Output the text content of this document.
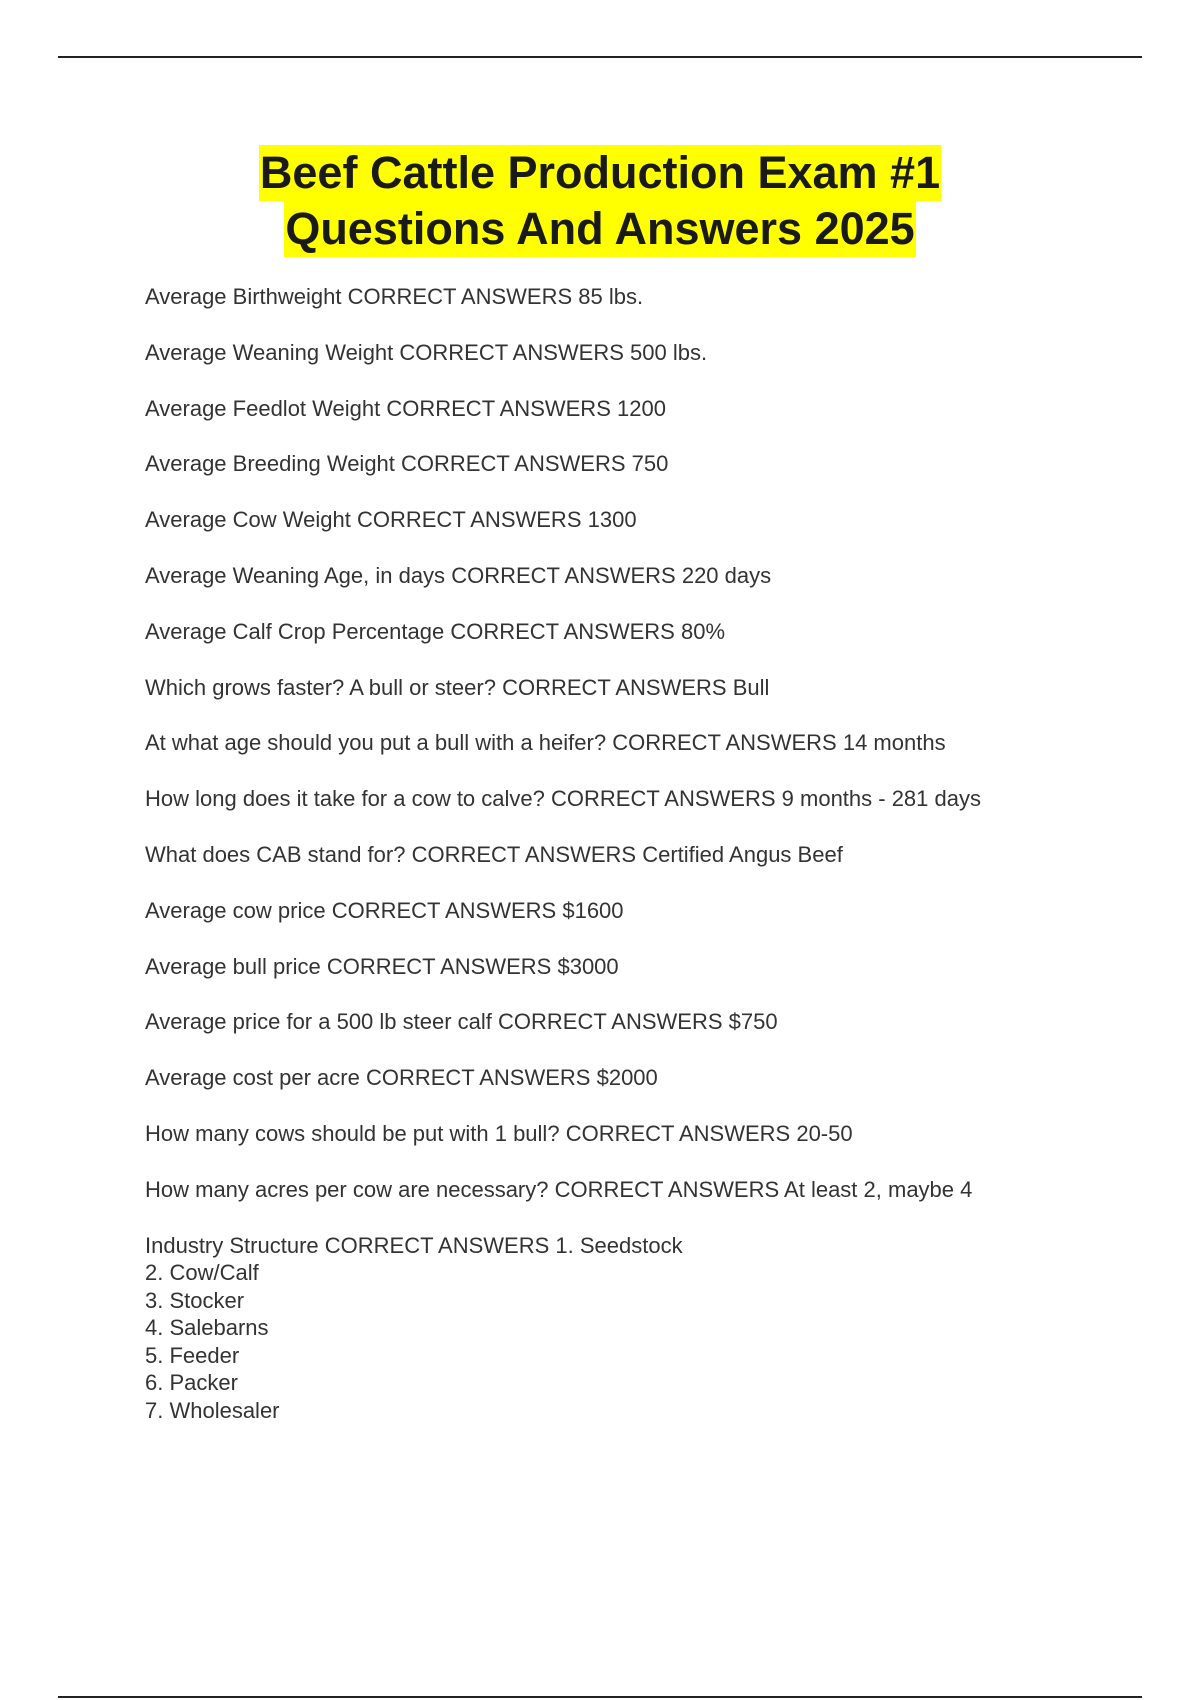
Beef Cattle Production Exam #1
Questions And Answers 2025
Average Birthweight CORRECT ANSWERS 85 lbs.
Average Weaning Weight CORRECT ANSWERS 500 lbs.
Average Feedlot Weight CORRECT ANSWERS 1200
Average Breeding Weight CORRECT ANSWERS 750
Average Cow Weight CORRECT ANSWERS 1300
Average Weaning Age, in days CORRECT ANSWERS 220 days
Average Calf Crop Percentage CORRECT ANSWERS 80%
Which grows faster? A bull or steer? CORRECT ANSWERS Bull
At what age should you put a bull with a heifer? CORRECT ANSWERS 14 months
How long does it take for a cow to calve? CORRECT ANSWERS 9 months - 281 days
What does CAB stand for? CORRECT ANSWERS Certified Angus Beef
Average cow price CORRECT ANSWERS $1600
Average bull price CORRECT ANSWERS $3000
Average price for a 500 lb steer calf CORRECT ANSWERS $750
Average cost per acre CORRECT ANSWERS $2000
How many cows should be put with 1 bull? CORRECT ANSWERS 20-50
How many acres per cow are necessary? CORRECT ANSWERS At least 2, maybe 4
Industry Structure CORRECT ANSWERS 1. Seedstock
2. Cow/Calf
3. Stocker
4. Salebarns
5. Feeder
6. Packer
7. Wholesaler
